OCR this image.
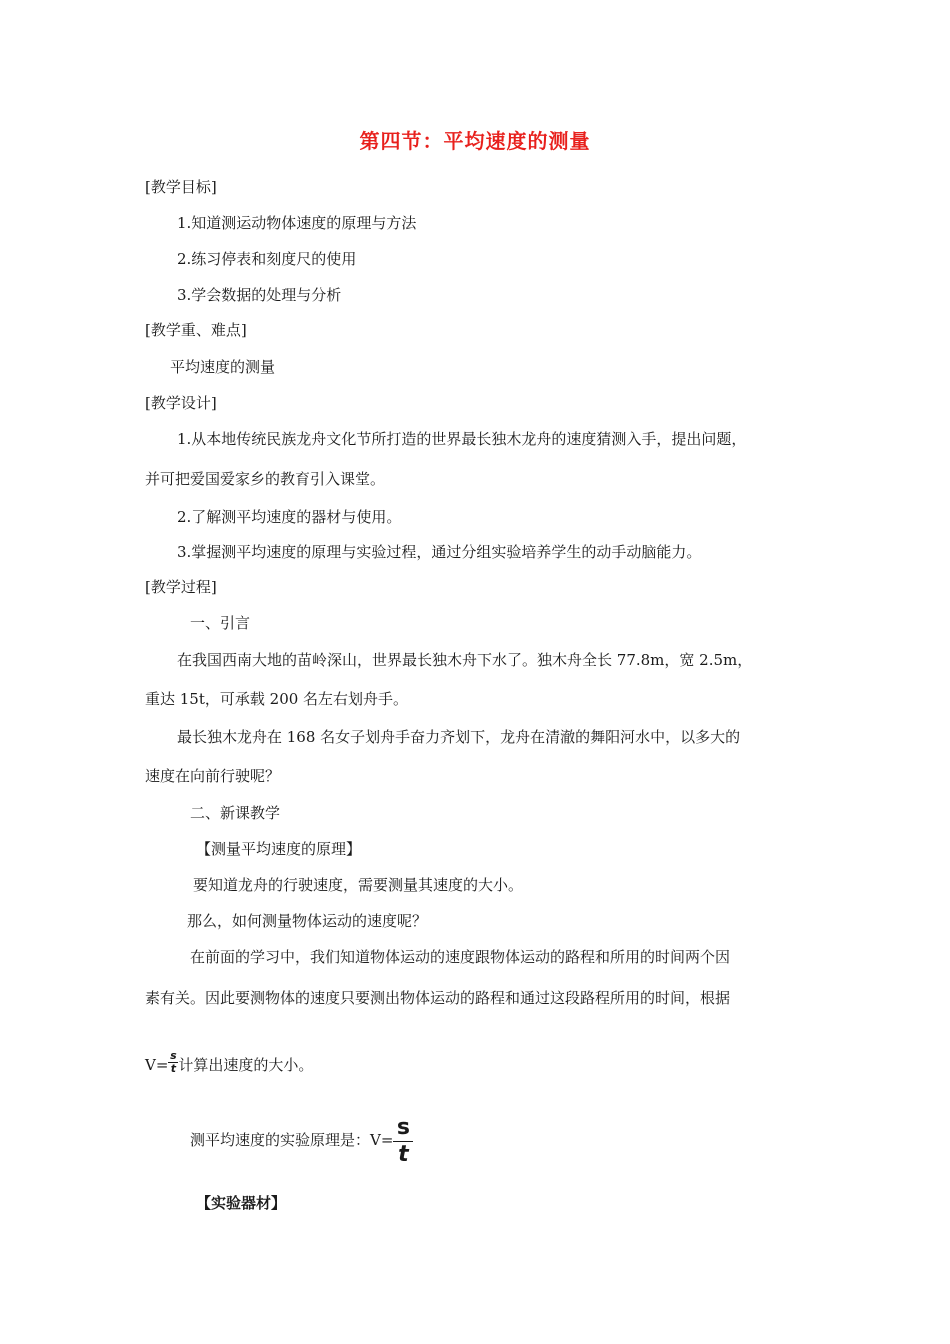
第四节：平均速度的测量
[教学目标]
1.知道测运动物体速度的原理与方法
2.练习停表和刻度尺的使用
3.学会数据的处理与分析
[教学重、难点]
平均速度的测量
[教学设计]
1.从本地传统民族龙舟文化节所打造的世界最长独木龙舟的速度猜测入手，提出问题，
并可把爱国爱家乡的教育引入课堂。
2.了解测平均速度的器材与使用。
3.掌握测平均速度的原理与实验过程，通过分组实验培养学生的动手动脑能力。
[教学过程]
一、引言
在我国西南大地的苗岭深山，世界最长独木舟下水了。独木舟全长 77.8m，宽 2.5m，
重达 15t，可承载 200 名左右划舟手。
最长独木龙舟在 168 名女子划舟手奋力齐划下，龙舟在清澈的舞阳河水中，以多大的
速度在向前行驶呢？
二、新课教学
【测量平均速度的原理】
要知道龙舟的行驶速度，需要测量其速度的大小。
那么，如何测量物体运动的速度呢？
在前面的学习中，我们知道物体运动的速度跟物体运动的路程和所用的时间两个因
素有关。因此要测物体的速度只要测出物体运动的路程和通过这段路程所用的时间，根据
$V= \frac{s}{t}$ 计算出速度的大小。
测平均速度的实验原理是：$V= \frac{s}{t}$
【实验器材】
